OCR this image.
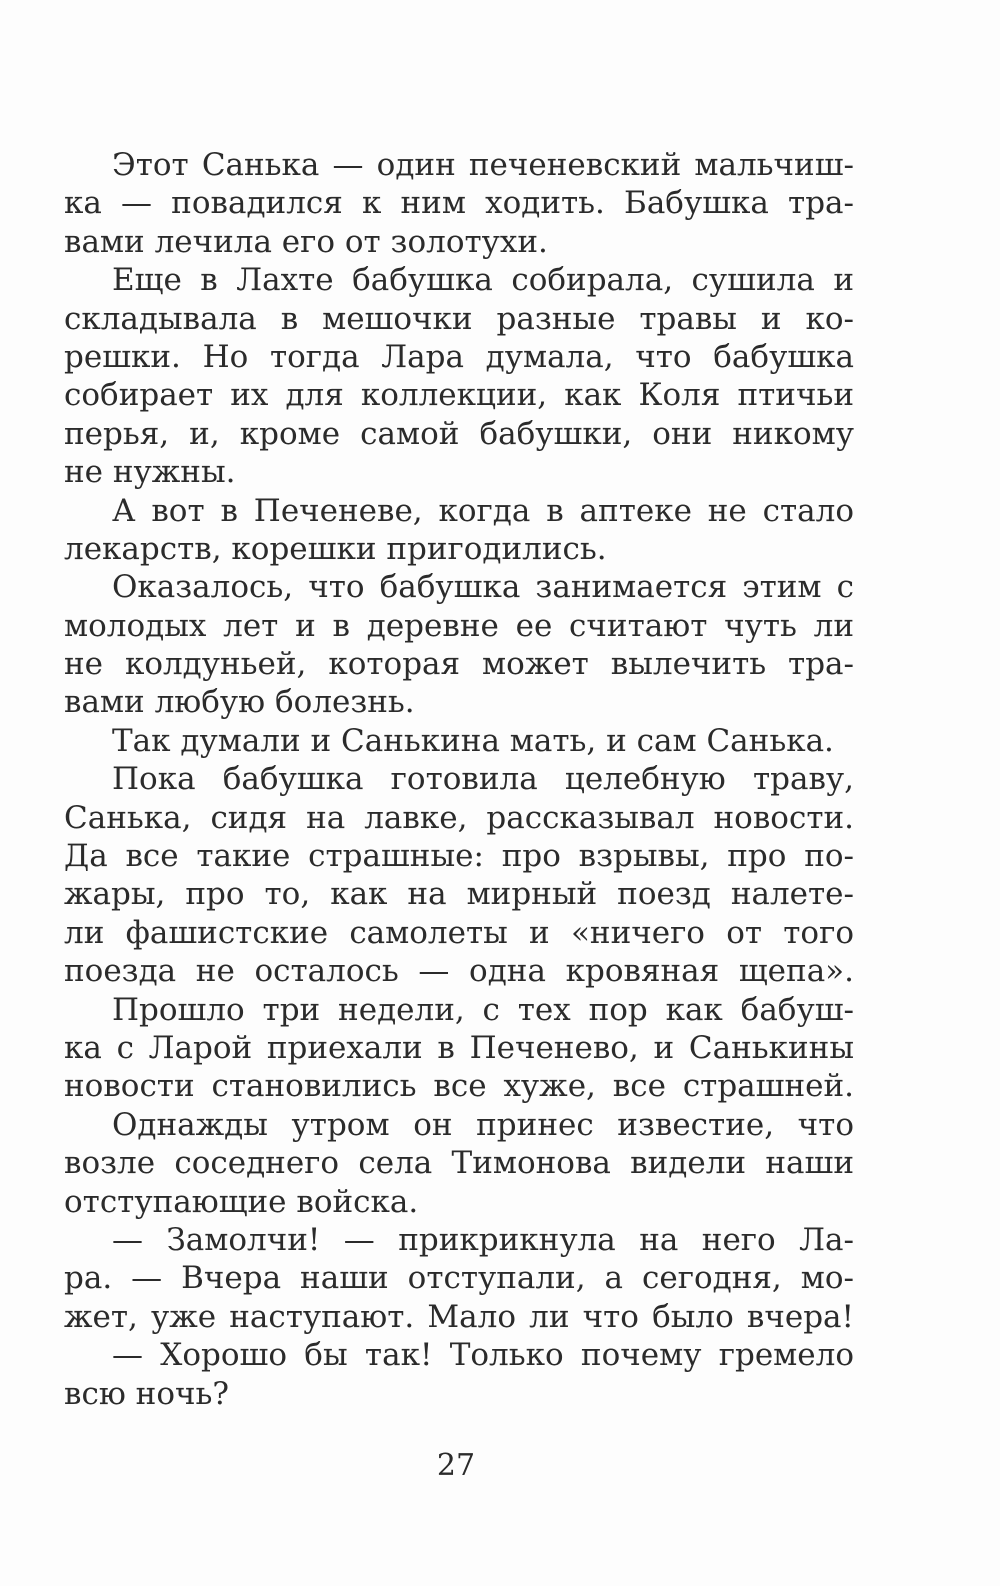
Этот Санька — один печеневский мальчиш-
ка — повадился к ним ходить. Бабушка тра-
вами лечила его от золотухи.
Еще в Лахте бабушка собирала, сушила и
складывала в мешочки разные травы и ко-
решки. Но тогда Лара думала, что бабушка
собирает их для коллекции, как Коля птичьи
перья, и, кроме самой бабушки, они никому
не нужны.
А вот в Печеневе, когда в аптеке не стало
лекарств, корешки пригодились.
Оказалось, что бабушка занимается этим с
молодых лет и в деревне ее считают чуть ли
не колдуньей, которая может вылечить тра-
вами любую болезнь.
Так думали и Санькина мать, и сам Санька.
Пока бабушка готовила целебную траву,
Санька, сидя на лавке, рассказывал новости.
Да все такие страшные: про взрывы, про по-
жары, про то, как на мирный поезд налете-
ли фашистские самолеты и «ничего от того
поезда не осталось — одна кровяная щепа».
Прошло три недели, с тех пор как бабуш-
ка с Ларой приехали в Печенево, и Санькины
новости становились все хуже, все страшней.
Однажды утром он принес известие, что
возле соседнего села Тимонова видели наши
отступающие войска.
— Замолчи! — прикрикнула на него Ла-
ра. — Вчера наши отступали, а сегодня, мо-
жет, уже наступают. Мало ли что было вчера!
— Хорошо бы так! Только почему гремело
всю ночь?
27
